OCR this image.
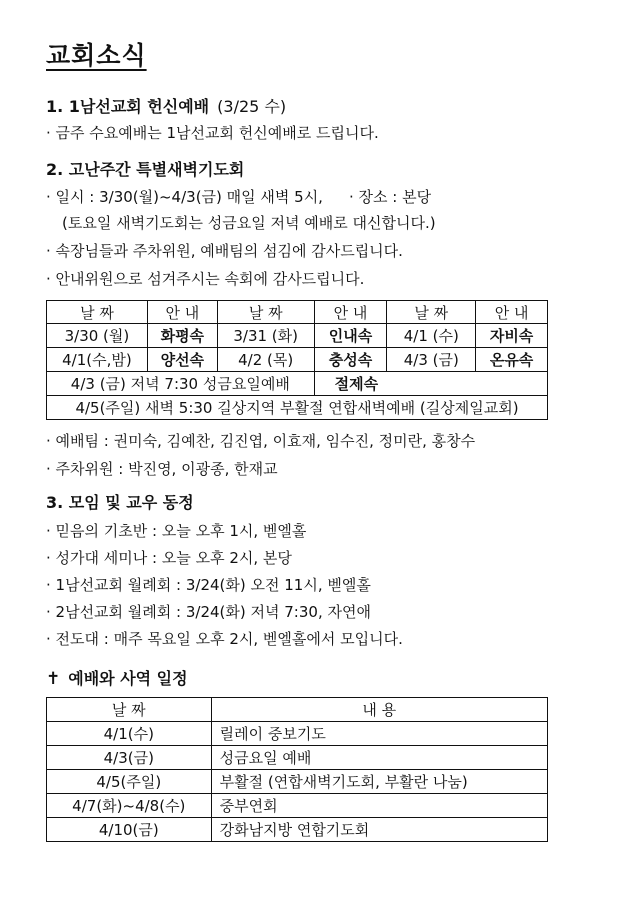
교회소식
1. 1남선교회 헌신예배 (3/25 수)
· 금주 수요예배는 1남선교회 헌신예배로 드립니다.
2. 고난주간 특별새벽기도회
· 일시 : 3/30(월)~4/3(금) 매일 새벽 5시, · 장소 : 본당
(토요일 새벽기도회는 성금요일 저녁 예배로 대신합니다.)
· 속장님들과 주차위원, 예배팀의 섬김에 감사드립니다.
· 안내위원으로 섬겨주시는 속회에 감사드립니다.
날 짜	안 내	날 짜	안 내	날 짜	안 내
3/30 (월)	화평속	3/31 (화)	인내속	4/1 (수)	자비속
4/1(수,밤)	양선속	4/2 (목)	충성속	4/3 (금)	온유속
4/3 (금) 저녁 7:30 성금요일예배			절제속		
4/5(주일) 새벽 5:30 길상지역 부활절 연합새벽예배 (길상제일교회)					
· 예배팀 : 권미숙, 김예찬, 김진엽, 이효재, 임수진, 정미란, 홍창수
· 주차위원 : 박진영, 이광종, 한재교
3. 모임 및 교우 동정
· 믿음의 기초반 : 오늘 오후 1시, 벧엘홀
· 성가대 세미나 : 오늘 오후 2시, 본당
· 1남선교회 월례회 : 3/24(화) 오전 11시, 벧엘홀
· 2남선교회 월례회 : 3/24(화) 저녁 7:30, 자연애
· 전도대 : 매주 목요일 오후 2시, 벧엘홀에서 모입니다.
✝ 예배와 사역 일정
날 짜	내 용
4/1(수)	릴레이 중보기도
4/3(금)	성금요일 예배
4/5(주일)	부활절 (연합새벽기도회, 부활란 나눔)
4/7(화)~4/8(수)	중부연회
4/10(금)	강화남지방 연합기도회
